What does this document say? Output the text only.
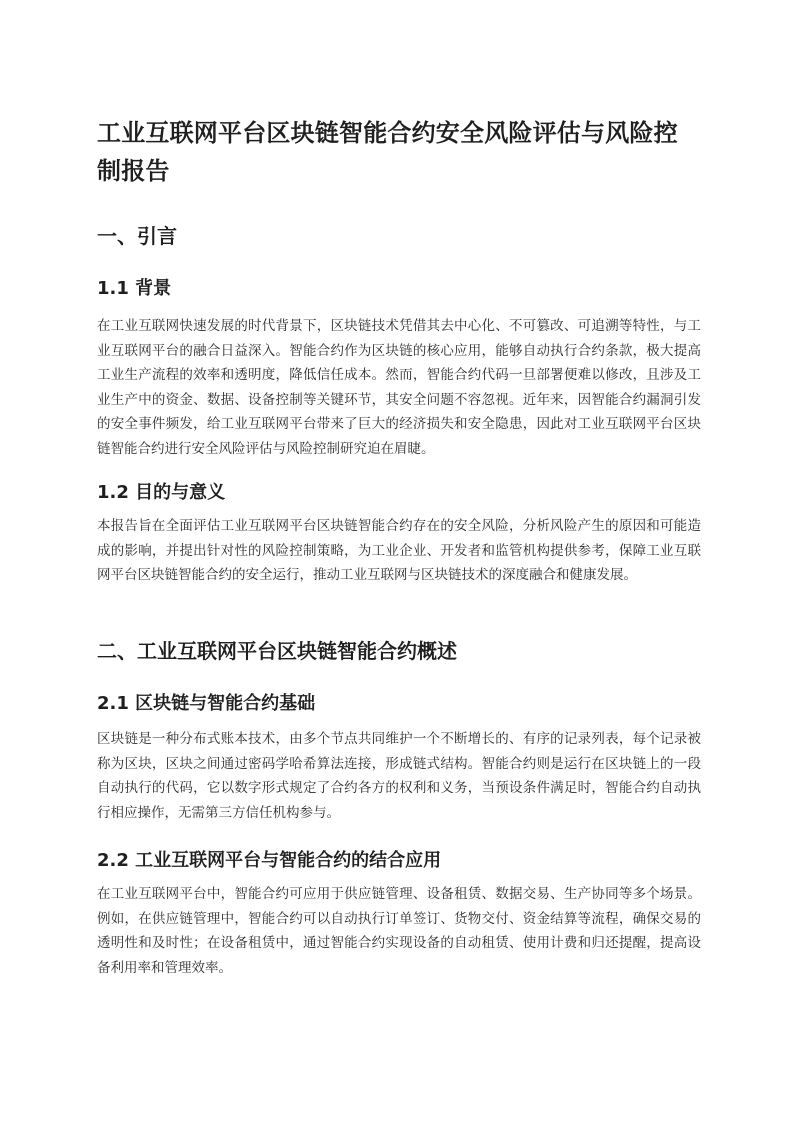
工业互联网平台区块链智能合约安全风险评估与风险控制报告
一、引言
1.1 背景

在工业互联网快速发展的时代背景下，区块链技术凭借其去中心化、不可篡改、可追溯等特性，与工业互联网平台的融合日益深入。智能合约作为区块链的核心应用，能够自动执行合约条款，极大提高工业生产流程的效率和透明度，降低信任成本。然而，智能合约代码一旦部署便难以修改，且涉及工业生产中的资金、数据、设备控制等关键环节，其安全问题不容忽视。近年来，因智能合约漏洞引发的安全事件频发，给工业互联网平台带来了巨大的经济损失和安全隐患，因此对工业互联网平台区块链智能合约进行安全风险评估与风险控制研究迫在眉睫。

1.2 目的与意义

本报告旨在全面评估工业互联网平台区块链智能合约存在的安全风险，分析风险产生的原因和可能造成的影响，并提出针对性的风险控制策略，为工业企业、开发者和监管机构提供参考，保障工业互联网平台区块链智能合约的安全运行，推动工业互联网与区块链技术的深度融合和健康发展。

二、工业互联网平台区块链智能合约概述
2.1 区块链与智能合约基础

区块链是一种分布式账本技术，由多个节点共同维护一个不断增长的、有序的记录列表，每个记录被称为区块，区块之间通过密码学哈希算法连接，形成链式结构。智能合约则是运行在区块链上的一段自动执行的代码，它以数字形式规定了合约各方的权利和义务，当预设条件满足时，智能合约自动执行相应操作，无需第三方信任机构参与。

2.2 工业互联网平台与智能合约的结合应用

在工业互联网平台中，智能合约可应用于供应链管理、设备租赁、数据交易、生产协同等多个场景。例如，在供应链管理中，智能合约可以自动执行订单签订、货物交付、资金结算等流程，确保交易的透明性和及时性；在设备租赁中，通过智能合约实现设备的自动租赁、使用计费和归还提醒，提高设备利用率和管理效率。
